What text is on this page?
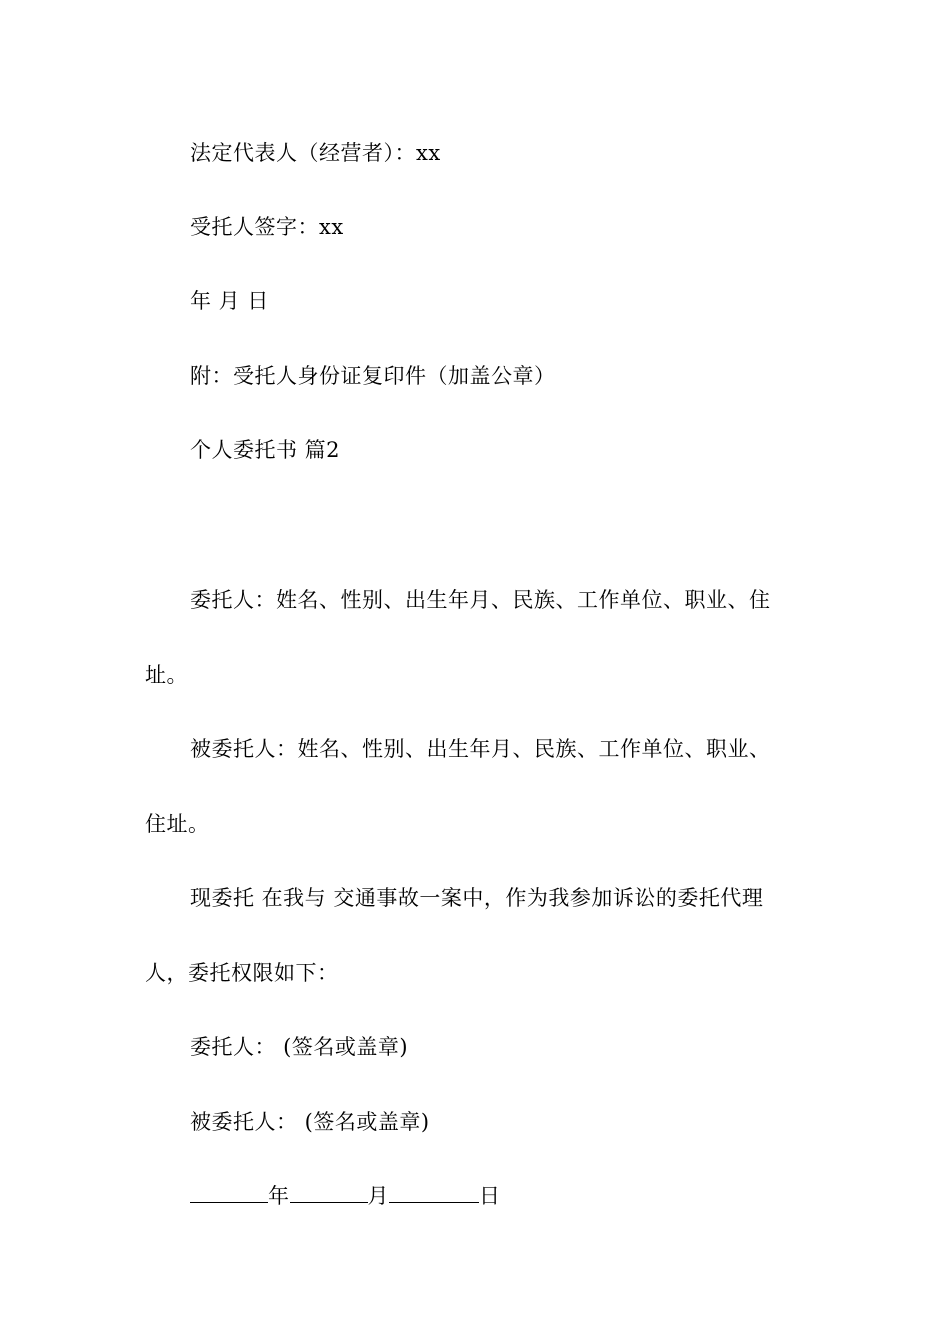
法定代表人（经营者）：xx

受托人签字：xx

年 月 日

附：受托人身份证复印件（加盖公章）

个人委托书 篇2

委托人：姓名、性别、出生年月、民族、工作单位、职业、住

址。

被委托人：姓名、性别、出生年月、民族、工作单位、职业、

住址。

现委托 在我与 交通事故一案中，作为我参加诉讼的委托代理

人，委托权限如下：

委托人： (签名或盖章)

被委托人： (签名或盖章)

年	月	日
